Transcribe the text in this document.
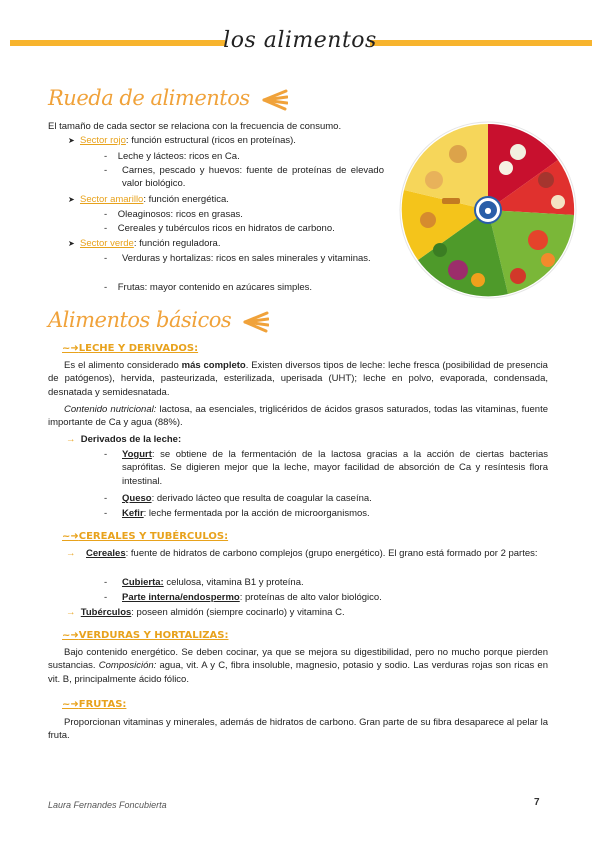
los alimentos
Rueda de alimentos
El tamaño de cada sector se relaciona con la frecuencia de consumo.
➤ Sector rojo: función estructural (ricos en proteínas).
-    Leche y lácteos: ricos en Ca.
-	Carnes, pescado y huevos: fuente de proteínas de elevado valor biológico.
➤ Sector amarillo: función energética.
-    Oleaginosos: ricos en grasas.
-    Cereales y tubérculos ricos en hidratos de carbono.
➤ Sector verde: función reguladora.
-	Verduras y hortalizas: ricos en sales minerales y vitaminas.
-    Frutas: mayor contenido en azúcares simples.
●
Alimentos básicos
~➜LECHE Y DERIVADOS:
Es el alimento considerado más completo. Existen diversos tipos de leche: leche fresca (posibilidad de presencia de patógenos), hervida, pasteurizada, esterilizada, uperisada (UHT); leche en polvo, evaporada, condensada, desnatada y semidesnatada.
Contenido nutricional: lactosa, aa esenciales, triglicéridos de ácidos grasos saturados, todas las vitaminas, fuente importante de Ca y agua (88%).
→ Derivados de la leche:
-	Yogurt: se obtiene de la fermentación de la lactosa gracias a la acción de ciertas bacterias saprófitas. Se digieren mejor que la leche, mayor facilidad de absorción de Ca y resíntesis flora intestinal.
-	Queso: derivado lácteo que resulta de coagular la caseína.
-	Kefir: leche fermentada por la acción de microorganismos.
~➜CEREALES Y TUBÉRCULOS:
→	Cereales: fuente de hidratos de carbono complejos (grupo energético). El grano está formado por 2 partes:
-	Cubierta: celulosa, vitamina B1 y proteína.
-	Parte interna/endospermo: proteínas de alto valor biológico.
→ Tubérculos: poseen almidón (siempre cocinarlo) y vitamina C.
~➜VERDURAS Y HORTALIZAS:
Bajo contenido energético. Se deben cocinar, ya que se mejora su digestibilidad, pero no mucho porque pierden sustancias. Composición: agua, vit. A y C, fibra insoluble, magnesio, potasio y sodio. Las verduras rojas son ricas en vit. B, principalmente ácido fólico.
~➜FRUTAS:
Proporcionan vitaminas y minerales, además de hidratos de carbono. Gran parte de su fibra desaparece al pelar la fruta.
Laura Fernandes Foncubierta	7
